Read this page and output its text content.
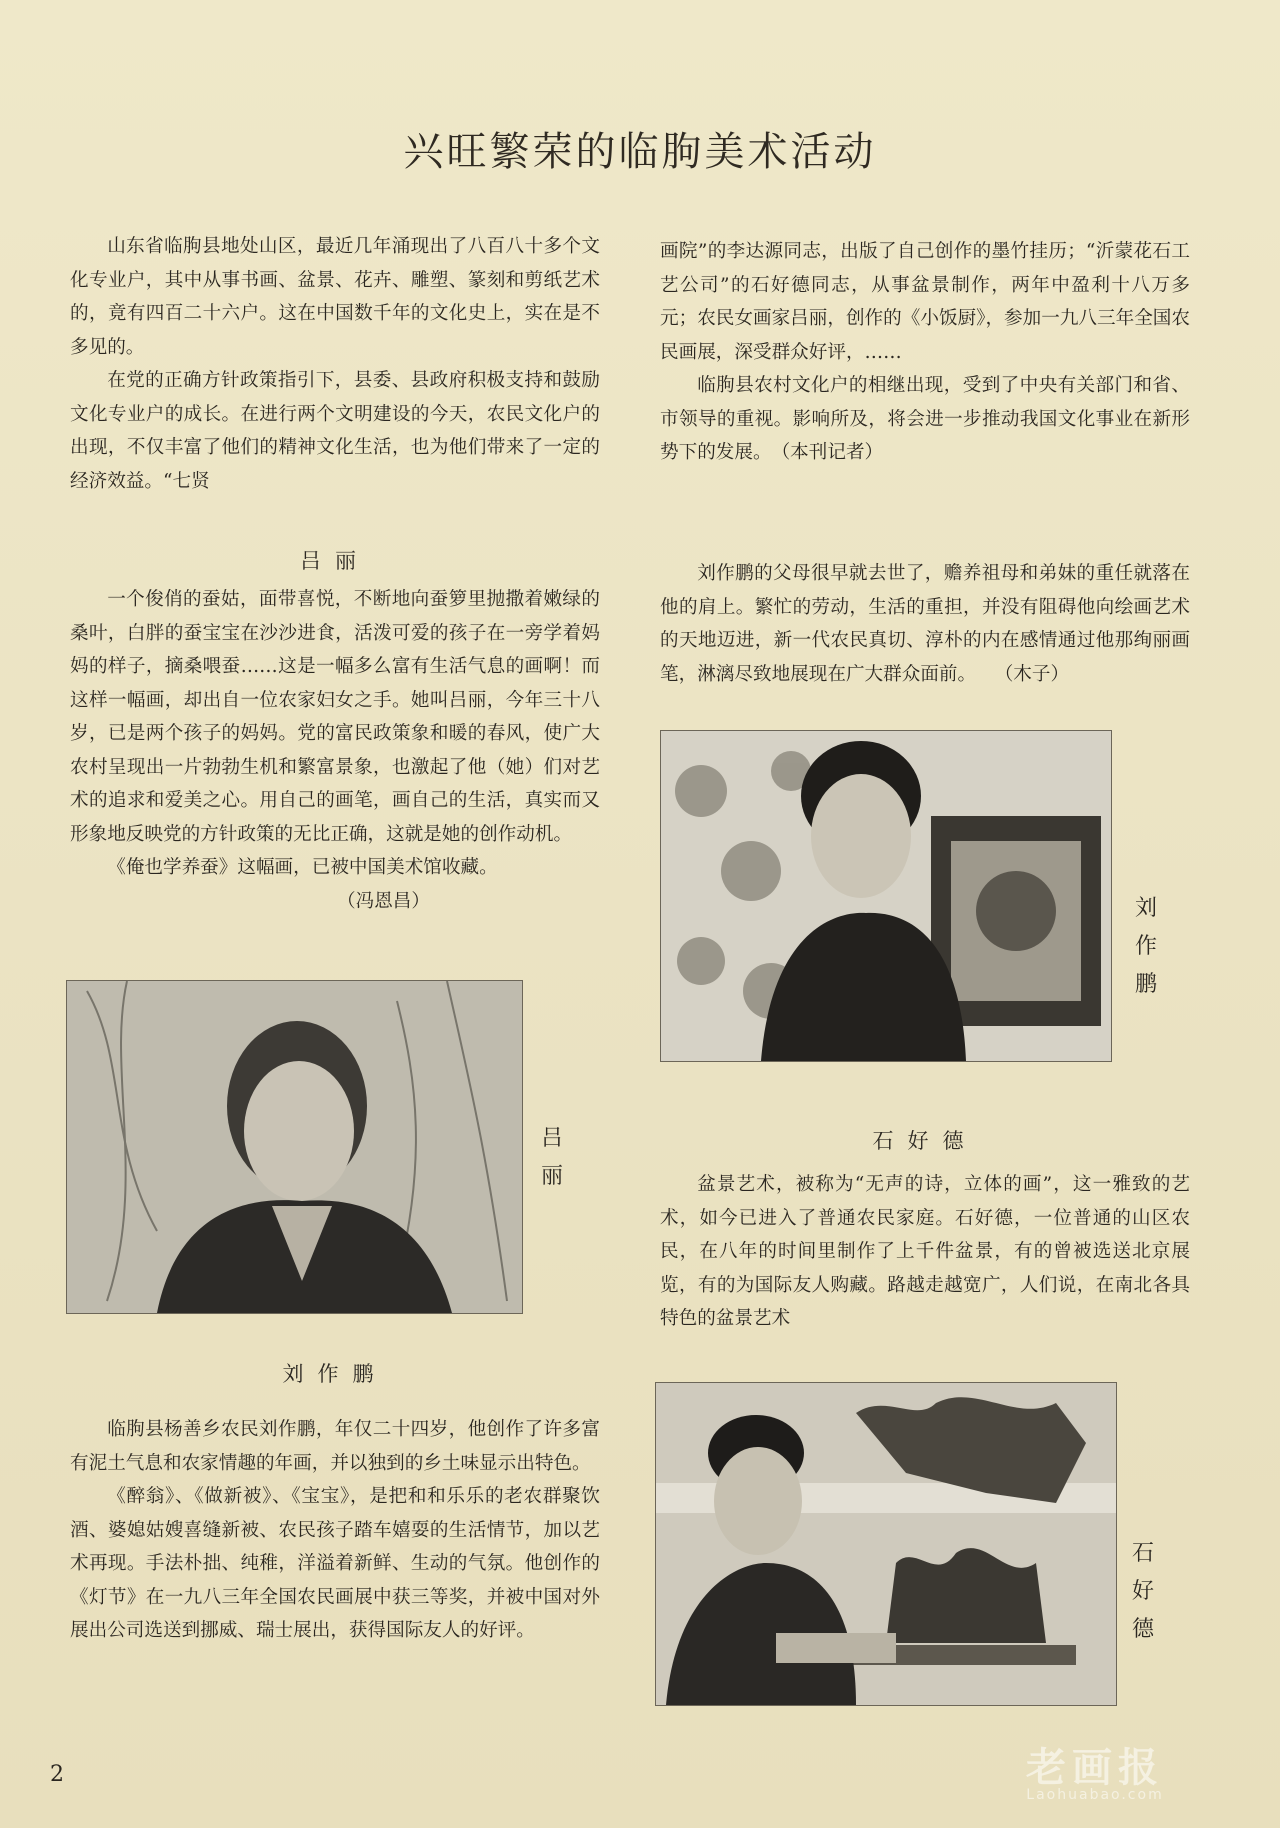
兴旺繁荣的临朐美术活动

山东省临朐县地处山区，最近几年涌现出了八百八十多个文化专业户，其中从事书画、盆景、花卉、雕塑、篆刻和剪纸艺术的，竟有四百二十六户。这在中国数千年的文化史上，实在是不多见的。

在党的正确方针政策指引下，县委、县政府积极支持和鼓励文化专业户的成长。在进行两个文明建设的今天，农民文化户的出现，不仅丰富了他们的精神文化生活，也为他们带来了一定的经济效益。“七贤

画院”的李达源同志，出版了自己创作的墨竹挂历；“沂蒙花石工艺公司”的石好德同志，从事盆景制作，两年中盈利十八万多元；农民女画家吕丽，创作的《小饭厨》，参加一九八三年全国农民画展，深受群众好评，……

临朐县农村文化户的相继出现，受到了中央有关部门和省、市领导的重视。影响所及，将会进一步推动我国文化事业在新形势下的发展。　 （本刊记者）

吕丽

一个俊俏的蚕姑，面带喜悦，不断地向蚕箩里抛撒着嫩绿的桑叶，白胖的蚕宝宝在沙沙进食，活泼可爱的孩子在一旁学着妈妈的样子，摘桑喂蚕……这是一幅多么富有生活气息的画啊！而这样一幅画，却出自一位农家妇女之手。她叫吕丽，今年三十八岁，已是两个孩子的妈妈。党的富民政策象和暖的春风，使广大农村呈现出一片勃勃生机和繁富景象，也激起了他（她）们对艺术的追求和爱美之心。用自己的画笔，画自己的生活，真实而又形象地反映党的方针政策的无比正确，这就是她的创作动机。

《俺也学养蚕》这幅画，已被中国美术馆收藏。

（冯恩昌）
吕丽
刘作鹏

临朐县杨善乡农民刘作鹏，年仅二十四岁，他创作了许多富有泥土气息和农家情趣的年画，并以独到的乡土味显示出特色。

《醉翁》、《做新被》、《宝宝》，是把和和乐乐的老农群聚饮酒、婆媳姑嫂喜缝新被、农民孩子踏车嬉耍的生活情节，加以艺术再现。手法朴拙、纯稚，洋溢着新鲜、生动的气氛。他创作的《灯节》在一九八三年全国农民画展中获三等奖，并被中国对外展出公司选送到挪威、瑞士展出，获得国际友人的好评。

刘作鹏的父母很早就去世了，赡养祖母和弟妹的重任就落在他的肩上。繁忙的劳动，生活的重担，并没有阻碍他向绘画艺术的天地迈进，新一代农民真切、淳朴的内在感情通过他那绚丽画笔，淋漓尽致地展现在广大群众面前。　　 （木子）

刘作鹏
石好德

盆景艺术，被称为“无声的诗，立体的画”，这一雅致的艺术，如今已进入了普通农民家庭。石好德，一位普通的山区农民，在八年的时间里制作了上千件盆景，有的曾被选送北京展览，有的为国际友人购藏。路越走越宽广，人们说，在南北各具特色的盆景艺术

石好德
2	老画报
Laohuabao.com
